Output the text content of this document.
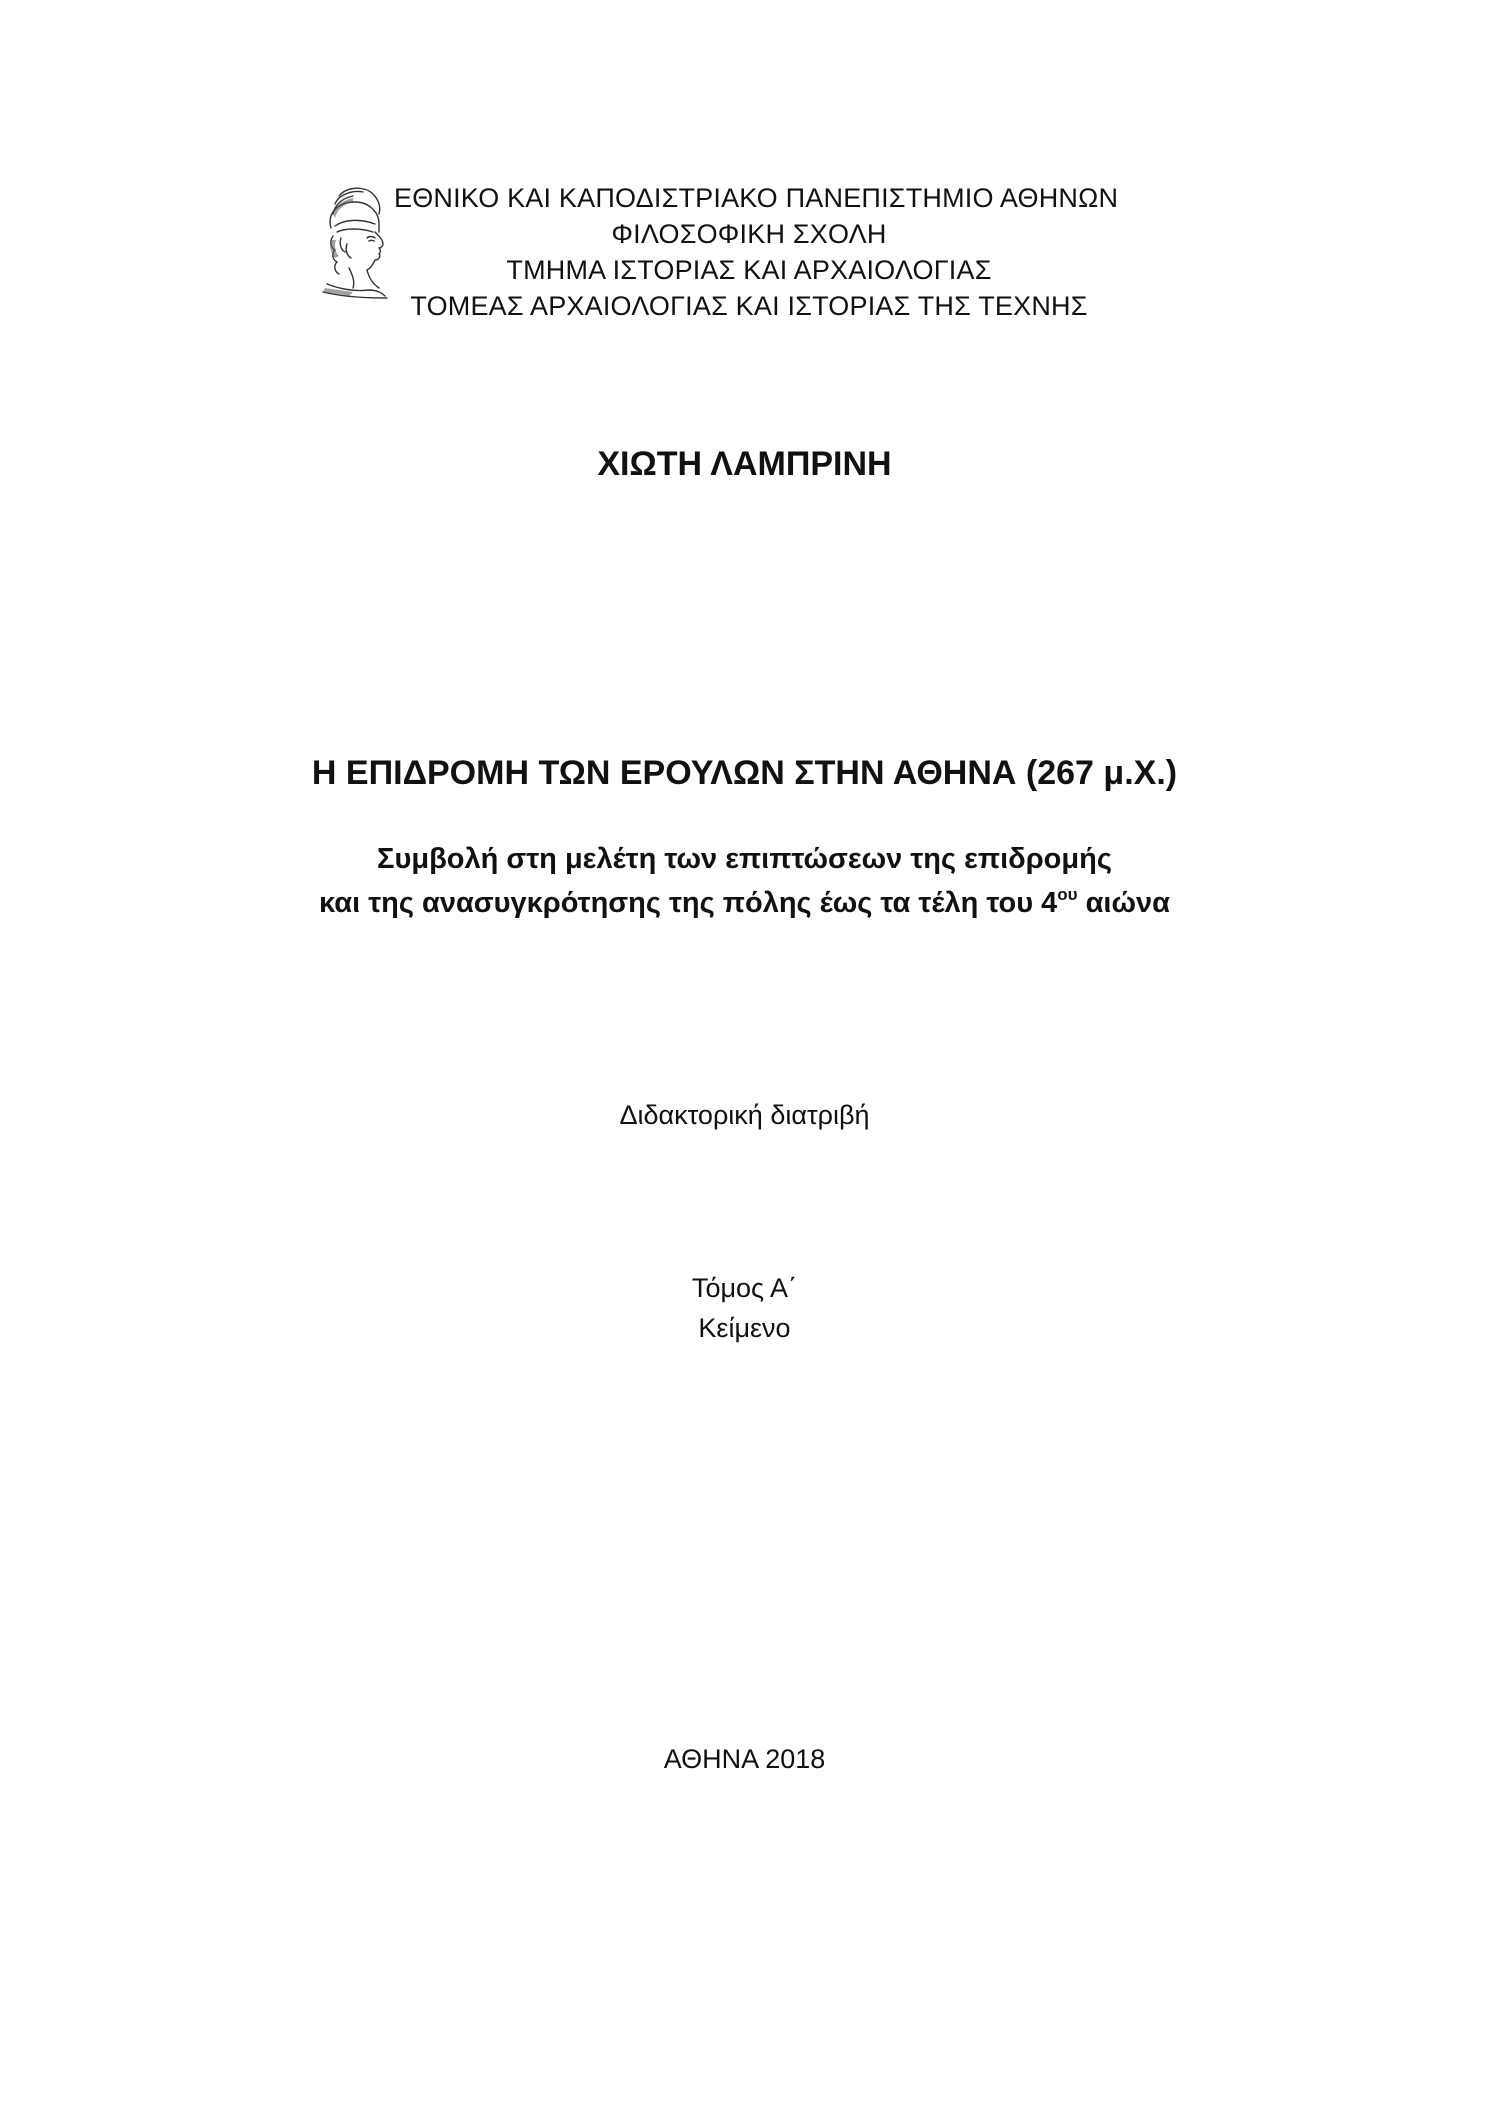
ΕΘΝΙΚΟ ΚΑΙ ΚΑΠΟΔΙΣΤΡΙΑΚΟ ΠΑΝΕΠΙΣΤΗΜΙΟ ΑΘΗΝΩΝ
ΦΙΛΟΣΟΦΙΚΗ ΣΧΟΛΗ
ΤΜΗΜΑ ΙΣΤΟΡΙΑΣ ΚΑΙ ΑΡΧΑΙΟΛΟΓΙΑΣ
ΤΟΜΕΑΣ ΑΡΧΑΙΟΛΟΓΙΑΣ ΚΑΙ ΙΣΤΟΡΙΑΣ ΤΗΣ ΤΕΧΝΗΣ
ΧΙΩΤΗ ΛΑΜΠΡΙΝΗ
Η ΕΠΙΔΡΟΜΗ ΤΩΝ ΕΡΟΥΛΩΝ ΣΤΗΝ ΑΘΗΝΑ (267 μ.Χ.)
Συμβολή στη μελέτη των επιπτώσεων της επιδρομής
και της ανασυγκρότησης της πόλης έως τα τέλη του $4^{o\upsilon}$ αιώνα
Διδακτορική διατριβή
Τόμος Α΄
Κείμενο
ΑΘΗΝΑ 2018
